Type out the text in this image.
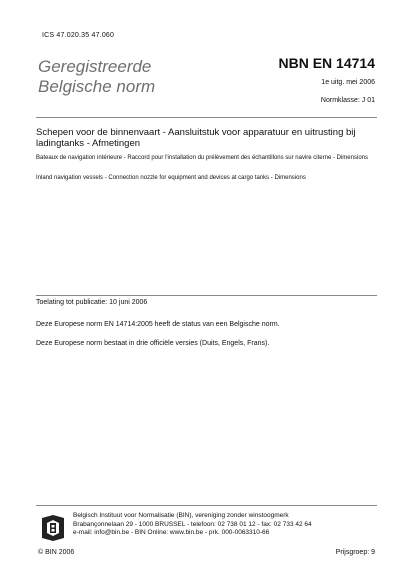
ICS 47.020.35 47.060
Geregistreerde
Belgische norm
NBN EN 14714
1e uitg. mei 2006
Normklasse: J 01
Schepen voor de binnenvaart - Aansluitstuk voor apparatuur en uitrusting bij ladingtanks - Afmetingen
Bateaux de navigation intérieure - Raccord pour l'installation du prélèvement des échantillons sur navire citerne - Dimensions
Inland navigation vessels - Connection nozzle for equipment and devices at cargo tanks - Dimensions
Toelating tot publicatie: 10 juni 2006
Deze Europese norm EN 14714:2005 heeft de status van een Belgische norm.
Deze Europese norm bestaat in drie officiële versies (Duits, Engels, Frans).
Belgisch Instituut voor Normalisatie (BIN), vereniging zonder winstoogmerk
Brabançonnelaan 29 - 1000 BRUSSEL - telefoon: 02 738 01 12 - fax: 02 733 42 64
e-mail: info@bin.be - BIN Online: www.bin.be - prk. 000-0063310-66
© BIN 2006	Prijsgroep: 9
